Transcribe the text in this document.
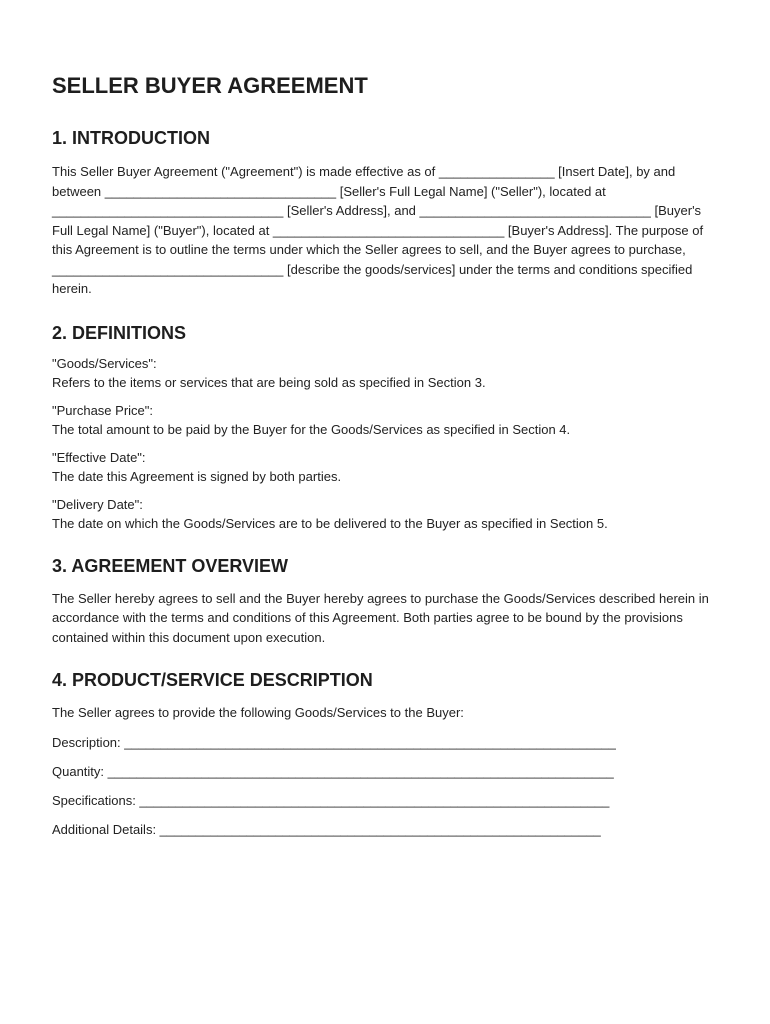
SELLER BUYER AGREEMENT
1. INTRODUCTION

This Seller Buyer Agreement ("Agreement") is made effective as of ________________ [Insert Date], by and between ________________________________ [Seller's Full Legal Name] ("Seller"), located at ________________________________ [Seller's Address], and ________________________________ [Buyer's Full Legal Name] ("Buyer"), located at ________________________________ [Buyer's Address]. The purpose of this Agreement is to outline the terms under which the Seller agrees to sell, and the Buyer agrees to purchase, ________________________________ [describe the goods/services] under the terms and conditions specified herein.

2. DEFINITIONS

"Goods/Services":

Refers to the items or services that are being sold as specified in Section 3.

"Purchase Price":

The total amount to be paid by the Buyer for the Goods/Services as specified in Section 4.

"Effective Date":

The date this Agreement is signed by both parties.

"Delivery Date":

The date on which the Goods/Services are to be delivered to the Buyer as specified in Section 5.

3. AGREEMENT OVERVIEW

The Seller hereby agrees to sell and the Buyer hereby agrees to purchase the Goods/Services described herein in accordance with the terms and conditions of this Agreement. Both parties agree to be bound by the provisions contained within this document upon execution.

4. PRODUCT/SERVICE DESCRIPTION

The Seller agrees to provide the following Goods/Services to the Buyer:

Description: ____________________________________________________________________

Quantity: ______________________________________________________________________

Specifications: _________________________________________________________________

Additional Details: _____________________________________________________________
